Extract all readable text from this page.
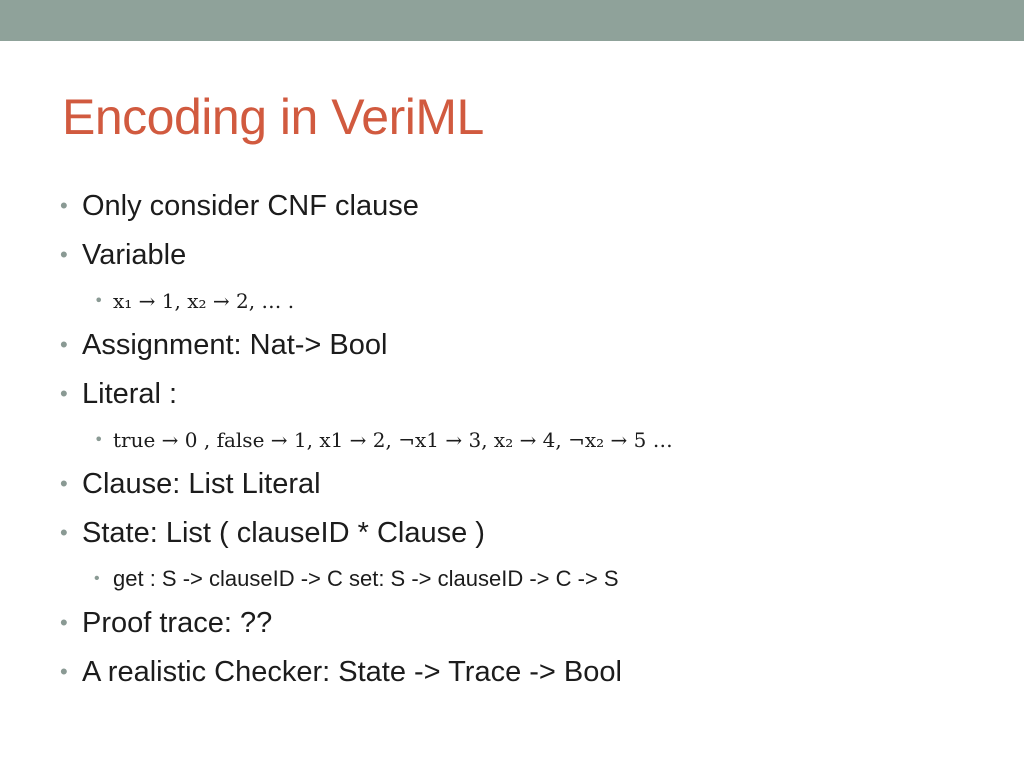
Encoding in VeriML
• Only consider CNF clause
• Variable
• x₁ → 1, x₂ → 2, … .
• Assignment: Nat-> Bool
• Literal :
• true → 0 , false → 1, x1 → 2, ¬x1 → 3, x₂ → 4, ¬x₂ → 5 …
• Clause: List Literal
• State: List ( clauseID * Clause )
• get : S -> clauseID -> C set: S -> clauseID -> C -> S
• Proof trace: ??
• A realistic Checker: State -> Trace -> Bool
